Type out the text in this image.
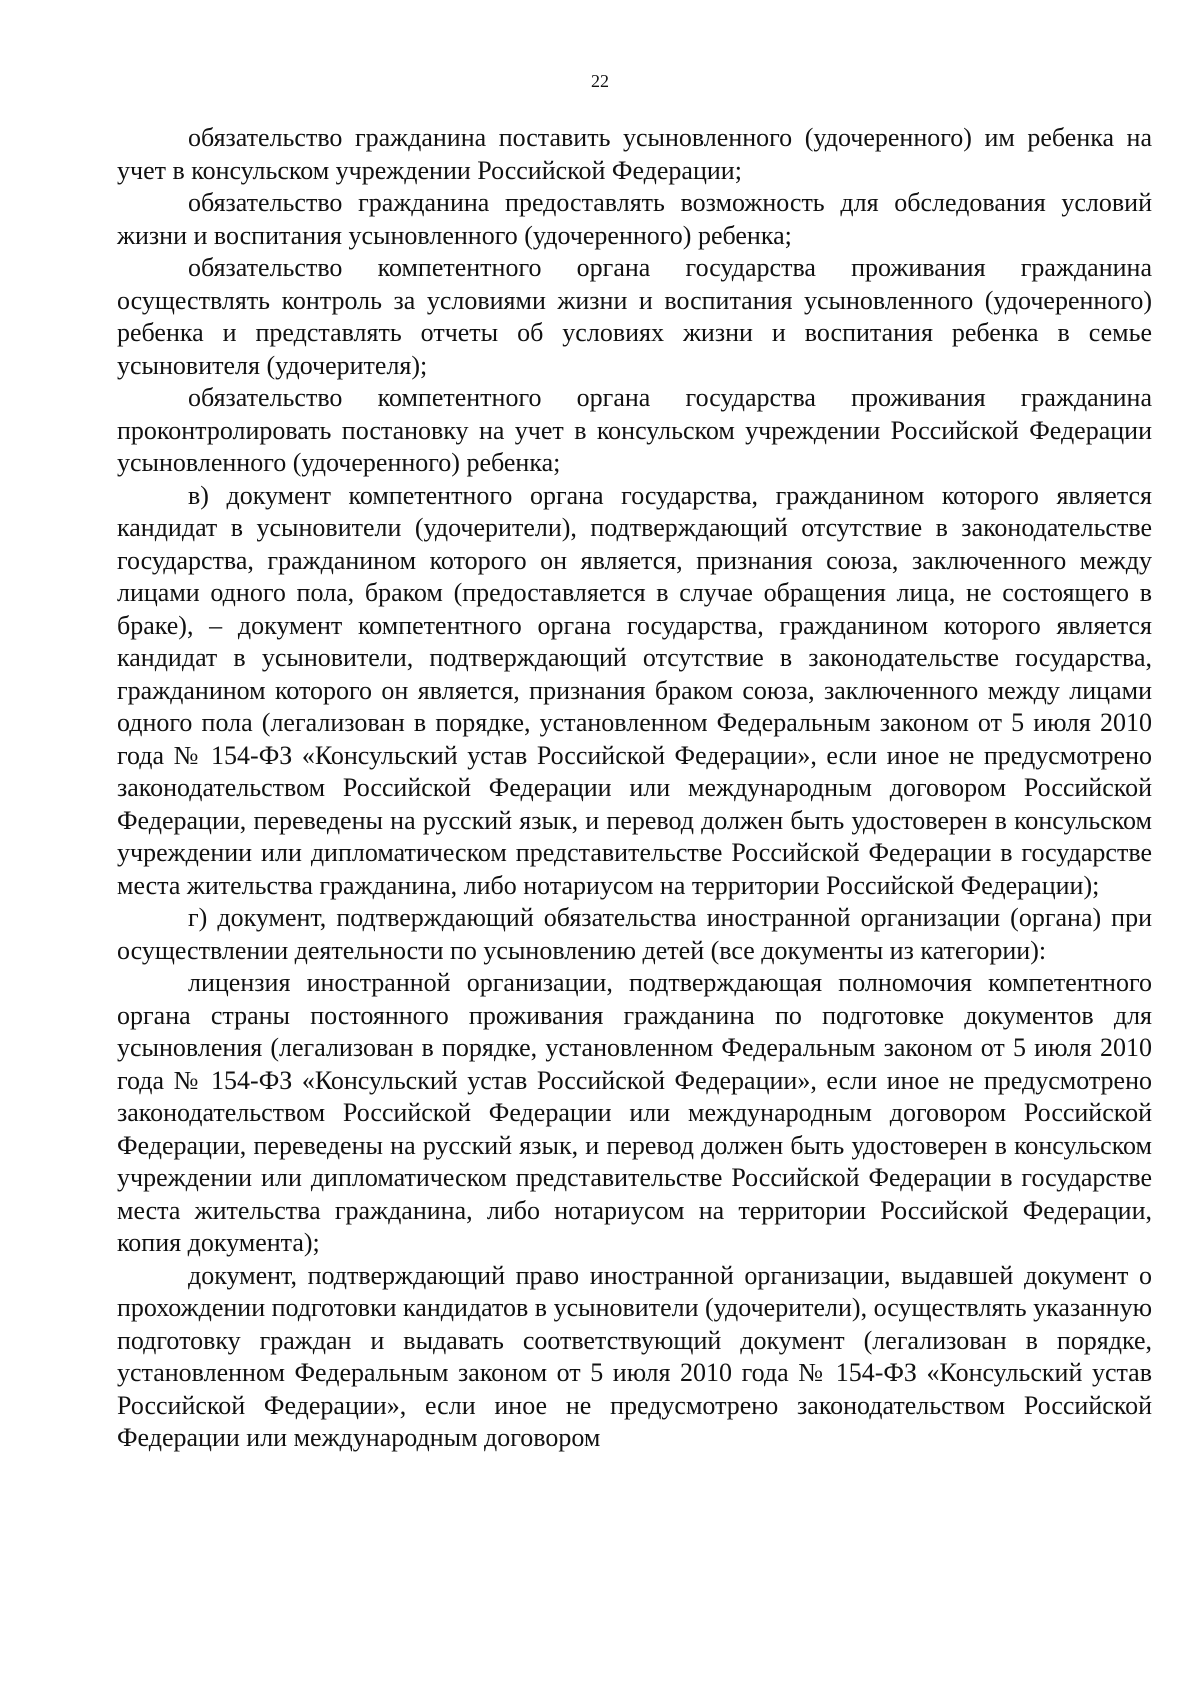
22

обязательство гражданина поставить усыновленного (удочеренного) им ребенка на учет в консульском учреждении Российской Федерации;

обязательство гражданина предоставлять возможность для обследования условий жизни и воспитания усыновленного (удочеренного) ребенка;

обязательство компетентного органа государства проживания гражданина осуществлять контроль за условиями жизни и воспитания усыновленного (удочеренного) ребенка и представлять отчеты об условиях жизни и воспитания ребенка в семье усыновителя (удочерителя);

обязательство компетентного органа государства проживания гражданина проконтролировать постановку на учет в консульском учреждении Российской Федерации усыновленного (удочеренного) ребенка;

в) документ компетентного органа государства, гражданином которого является кандидат в усыновители (удочерители), подтверждающий отсутствие в законодательстве государства, гражданином которого он является, признания союза, заключенного между лицами одного пола, браком (предоставляется в случае обращения лица, не состоящего в браке), – документ компетентного органа государства, гражданином которого является кандидат в усыновители, подтверждающий отсутствие в законодательстве государства, гражданином которого он является, признания браком союза, заключенного между лицами одного пола (легализован в порядке, установленном Федеральным законом от 5 июля 2010 года № 154-ФЗ «Консульский устав Российской Федерации», если иное не предусмотрено законодательством Российской Федерации или международным договором Российской Федерации, переведены на русский язык, и перевод должен быть удостоверен в консульском учреждении или дипломатическом представительстве Российской Федерации в государстве места жительства гражданина, либо нотариусом на территории Российской Федерации);

г) документ, подтверждающий обязательства иностранной организации (органа) при осуществлении деятельности по усыновлению детей (все документы из категории):

лицензия иностранной организации, подтверждающая полномочия компетентного органа страны постоянного проживания гражданина по подготовке документов для усыновления (легализован в порядке, установленном Федеральным законом от 5 июля 2010 года № 154-ФЗ «Консульский устав Российской Федерации», если иное не предусмотрено законодательством Российской Федерации или международным договором Российской Федерации, переведены на русский язык, и перевод должен быть удостоверен в консульском учреждении или дипломатическом представительстве Российской Федерации в государстве места жительства гражданина, либо нотариусом на территории Российской Федерации, копия документа);

документ, подтверждающий право иностранной организации, выдавшей документ о прохождении подготовки кандидатов в усыновители (удочерители), осуществлять указанную подготовку граждан и выдавать соответствующий документ (легализован в порядке, установленном Федеральным законом от 5 июля 2010 года № 154-ФЗ «Консульский устав Российской Федерации», если иное не предусмотрено законодательством Российской Федерации или международным договором
